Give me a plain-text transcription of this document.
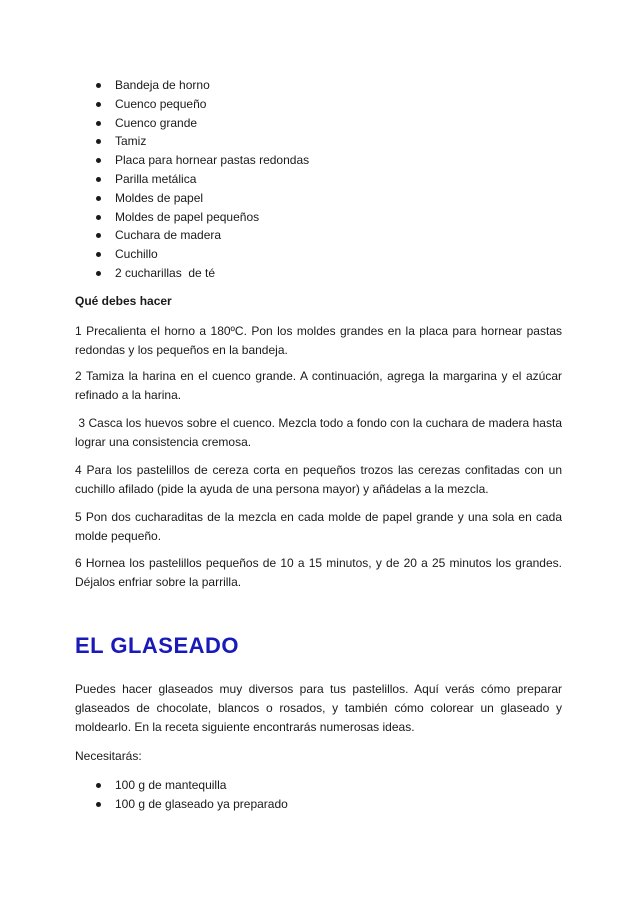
Bandeja de horno
Cuenco pequeño
Cuenco grande
Tamiz
Placa para hornear pastas redondas
Parilla metálica
Moldes de papel
Moldes de papel pequeños
Cuchara de madera
Cuchillo
2 cucharillas  de té

Qué debes hacer

1 Precalienta el horno a 180ºC. Pon los moldes grandes en la placa para hornear pastas redondas y los pequeños en la bandeja.

2 Tamiza la harina en el cuenco grande. A continuación, agrega la margarina y el azúcar refinado a la harina.

3 Casca los huevos sobre el cuenco. Mezcla todo a fondo con la cuchara de madera hasta lograr una consistencia cremosa.

4 Para los pastelillos de cereza corta en pequeños trozos las cerezas confitadas con un cuchillo afilado (pide la ayuda de una persona mayor) y añádelas a la mezcla.

5 Pon dos cucharaditas de la mezcla en cada molde de papel grande y una sola en cada molde pequeño.

6 Hornea los pastelillos pequeños de 10 a 15 minutos, y de 20 a 25 minutos los grandes. Déjalos enfriar sobre la parrilla.

EL GLASEADO

Puedes hacer glaseados muy diversos para tus pastelillos. Aquí verás cómo preparar glaseados de chocolate, blancos o rosados, y también cómo colorear un glaseado y moldearlo. En la receta siguiente encontrarás numerosas ideas.

Necesitarás:

100 g de mantequilla
100 g de glaseado ya preparado
